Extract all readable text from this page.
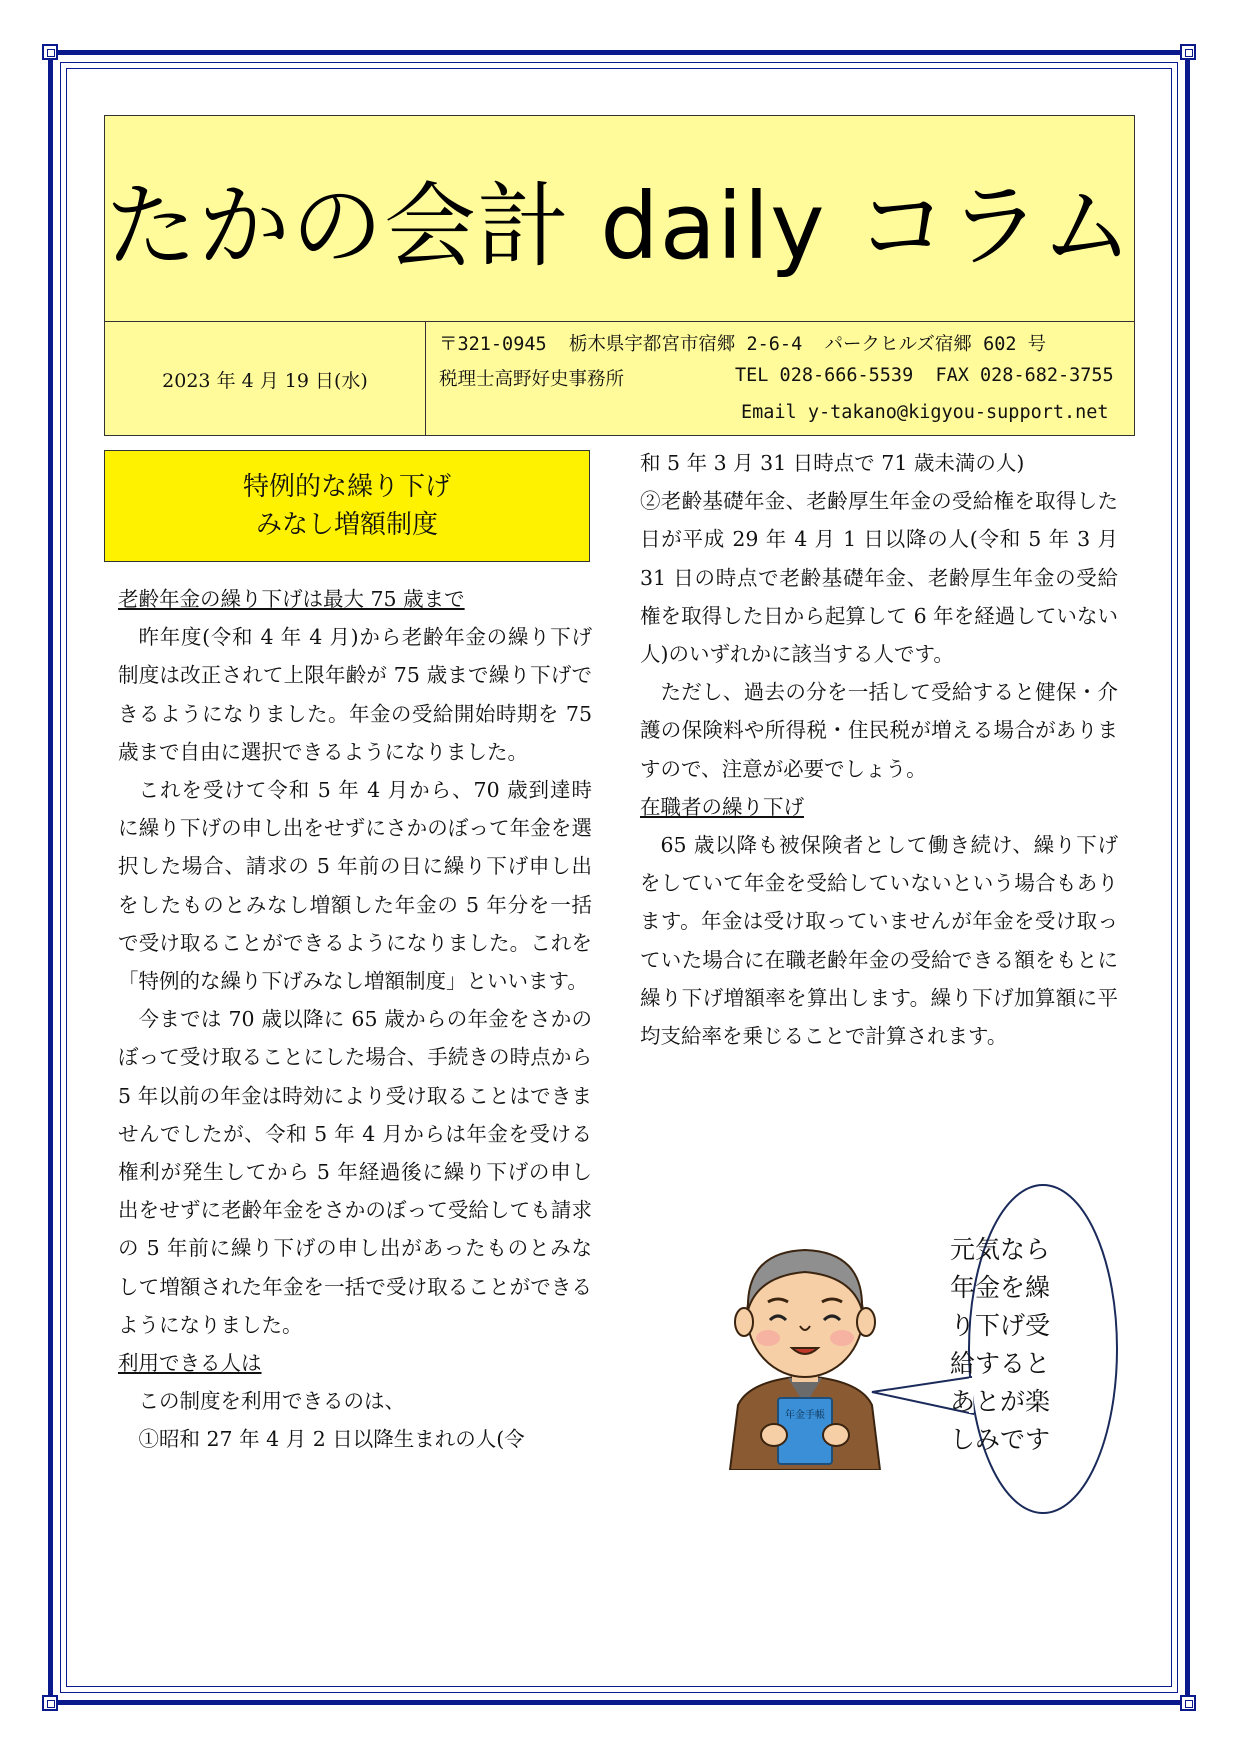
たかの会計 daily コラム
2023 年 4 月 19 日(水)
〒321-0945  栃木県宇都宮市宿郷 2-6-4  パークヒルズ宿郷 602 号
税理士高野好史事務所	TEL 028-666-5539  FAX 028-682-3755
Email y-takano@kigyou-support.net
特例的な繰り下げ
みなし増額制度

老齢年金の繰り下げは最大 75 歳まで

昨年度(令和 4 年 4 月)から老齢年金の繰り下げ制度は改正されて上限年齢が 75 歳まで繰り下げできるようになりました。年金の受給開始時期を 75 歳まで自由に選択できるようになりました。

これを受けて令和 5 年 4 月から、70 歳到達時に繰り下げの申し出をせずにさかのぼって年金を選択した場合、請求の 5 年前の日に繰り下げ申し出をしたものとみなし増額した年金の 5 年分を一括で受け取ることができるようになりました。これを「特例的な繰り下げみなし増額制度」といいます。

今までは 70 歳以降に 65 歳からの年金をさかのぼって受け取ることにした場合、手続きの時点から 5 年以前の年金は時効により受け取ることはできませんでしたが、令和 5 年 4 月からは年金を受ける権利が発生してから 5 年経過後に繰り下げの申し出をせずに老齢年金をさかのぼって受給しても請求の 5 年前に繰り下げの申し出があったものとみなして増額された年金を一括で受け取ることができるようになりました。

利用できる人は

この制度を利用できるのは、

①昭和 27 年 4 月 2 日以降生まれの人(令

和 5 年 3 月 31 日時点で 71 歳未満の人)

②老齢基礎年金、老齢厚生年金の受給権を取得した日が平成 29 年 4 月 1 日以降の人(令和 5 年 3 月 31 日の時点で老齢基礎年金、老齢厚生年金の受給権を取得した日から起算して 6 年を経過していない人)のいずれかに該当する人です。

ただし、過去の分を一括して受給すると健保・介護の保険料や所得税・住民税が増える場合がありますので、注意が必要でしょう。

在職者の繰り下げ

65 歳以降も被保険者として働き続け、繰り下げをしていて年金を受給していないという場合もあります。年金は受け取っていませんが年金を受け取っていた場合に在職老齢年金の受給できる額をもとに繰り下げ増額率を算出します。繰り下げ加算額に平均支給率を乗じることで計算されます。

年金手帳
元気なら
年金を繰
り下げ受
給すると
あとが楽
しみです
